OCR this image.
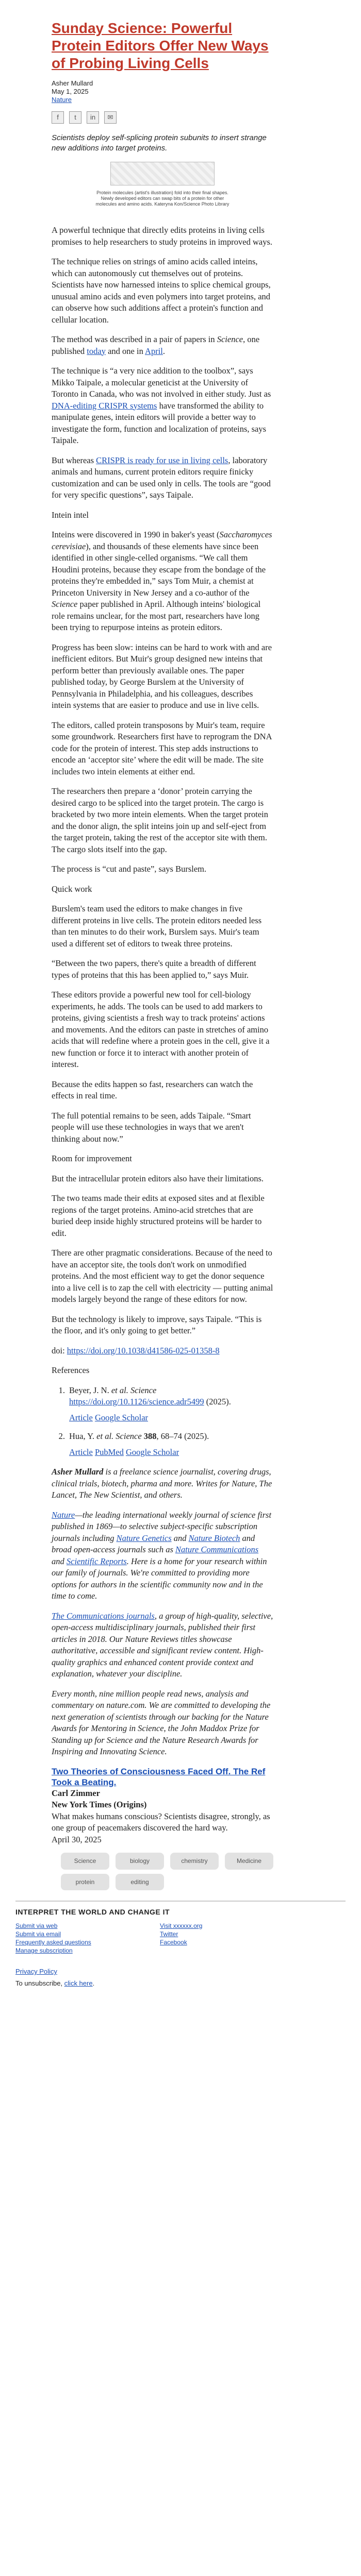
Sunday Science: Powerful Protein Editors Offer New Ways of Probing Living Cells
Asher Mullard
May 1, 2025
Nature
f	t	in	✉

Scientists deploy self-splicing protein subunits to insert strange new additions into target proteins.

Protein molecules (artist's illustration) fold into their final shapes. Newly developed editors can swap bits of a protein for other molecules and amino acids. Kateryna Kon/Science Photo Library

A powerful technique that directly edits proteins in living cells promises to help researchers to study proteins in improved ways.

The technique relies on strings of amino acids called inteins, which can autonomously cut themselves out of proteins. Scientists have now harnessed inteins to splice chemical groups, unusual amino acids and even polymers into target proteins, and can observe how such additions affect a protein's function and cellular location.

The method was described in a pair of papers in Science, one published today and one in April.

The technique is “a very nice addition to the toolbox”, says Mikko Taipale, a molecular geneticist at the University of Toronto in Canada, who was not involved in either study. Just as DNA-editing CRISPR systems have transformed the ability to manipulate genes, intein editors will provide a better way to investigate the form, function and localization of proteins, says Taipale.

But whereas CRISPR is ready for use in living cells, laboratory animals and humans, current protein editors require finicky customization and can be used only in cells. The tools are “good for very specific questions”, says Taipale.

Intein intel

Inteins were discovered in 1990 in baker's yeast (Saccharomyces cerevisiae), and thousands of these elements have since been identified in other single-celled organisms. “We call them Houdini proteins, because they escape from the bondage of the proteins they're embedded in,” says Tom Muir, a chemist at Princeton University in New Jersey and a co-author of the Science paper published in April. Although inteins' biological role remains unclear, for the most part, researchers have long been trying to repurpose inteins as protein editors.

Progress has been slow: inteins can be hard to work with and are inefficient editors. But Muir's group designed new inteins that perform better than previously available ones. The paper published today, by George Burslem at the University of Pennsylvania in Philadelphia, and his colleagues, describes intein systems that are easier to produce and use in live cells.

The editors, called protein transposons by Muir's team, require some groundwork. Researchers first have to reprogram the DNA code for the protein of interest. This step adds instructions to encode an ‘acceptor site’ where the edit will be made. The site includes two intein elements at either end.

The researchers then prepare a ‘donor’ protein carrying the desired cargo to be spliced into the target protein. The cargo is bracketed by two more intein elements. When the target protein and the donor align, the split inteins join up and self-eject from the target protein, taking the rest of the acceptor site with them. The cargo slots itself into the gap.

The process is “cut and paste”, says Burslem.

Quick work

Burslem's team used the editors to make changes in five different proteins in live cells. The protein editors needed less than ten minutes to do their work, Burslem says. Muir's team used a different set of editors to tweak three proteins.

“Between the two papers, there's quite a breadth of different types of proteins that this has been applied to,” says Muir.

These editors provide a powerful new tool for cell-biology experiments, he adds. The tools can be used to add markers to proteins, giving scientists a fresh way to track proteins' actions and movements. And the editors can paste in stretches of amino acids that will redefine where a protein goes in the cell, give it a new function or force it to interact with another protein of interest.

Because the edits happen so fast, researchers can watch the effects in real time.

The full potential remains to be seen, adds Taipale. “Smart people will use these technologies in ways that we aren't thinking about now.”

Room for improvement

But the intracellular protein editors also have their limitations.

The two teams made their edits at exposed sites and at flexible regions of the target proteins. Amino-acid stretches that are buried deep inside highly structured proteins will be harder to edit.

There are other pragmatic considerations. Because of the need to have an acceptor site, the tools don't work on unmodified proteins. And the most efficient way to get the donor sequence into a live cell is to zap the cell with electricity — putting animal models largely beyond the range of these editors for now.

But the technology is likely to improve, says Taipale. “This is the floor, and it's only going to get better.”

doi: https://doi.org/10.1038/d41586-025-01358-8

References

1. Beyer, J. N. et al. Science https://doi.org/10.1126/science.adr5499 (2025).
Article Google Scholar
2. Hua, Y. et al. Science 388, 68–74 (2025).
Article PubMed Google Scholar

Asher Mullard is a freelance science journalist, covering drugs, clinical trials, biotech, pharma and more. Writes for Nature, The Lancet, The New Scientist, and others.

Nature—the leading international weekly journal of science first published in 1869—to selective subject-specific subscription journals including Nature Genetics and Nature Biotech and broad open-access journals such as Nature Communications and Scientific Reports. Here is a home for your research within our family of journals. We're committed to providing more options for authors in the scientific community now and in the time to come.

The Communications journals, a group of high-quality, selective, open-access multidisciplinary journals, published their first articles in 2018. Our Nature Reviews titles showcase authoritative, accessible and significant review content. High-quality graphics and enhanced content provide context and explanation, whatever your discipline.

Every month, nine million people read news, analysis and commentary on nature.com. We are committed to developing the next generation of scientists through our backing for the Nature Awards for Mentoring in Science, the John Maddox Prize for Standing up for Science and the Nature Research Awards for Inspiring and Innovating Science.

Two Theories of Consciousness Faced Off. The Ref Took a Beating.
Carl Zimmer
New York Times (Origins)
What makes humans conscious? Scientists disagree, strongly, as one group of peacemakers discovered the hard way.
April 30, 2025
Science	biology	chemistry	Medicine
protein	editing
INTERPRET THE WORLD AND CHANGE IT
Submit via web	Visit xxxxxx.org
Submit via email	Twitter
Frequently asked questions	Facebook
Manage subscription

Privacy Policy

To unsubscribe, click here.
